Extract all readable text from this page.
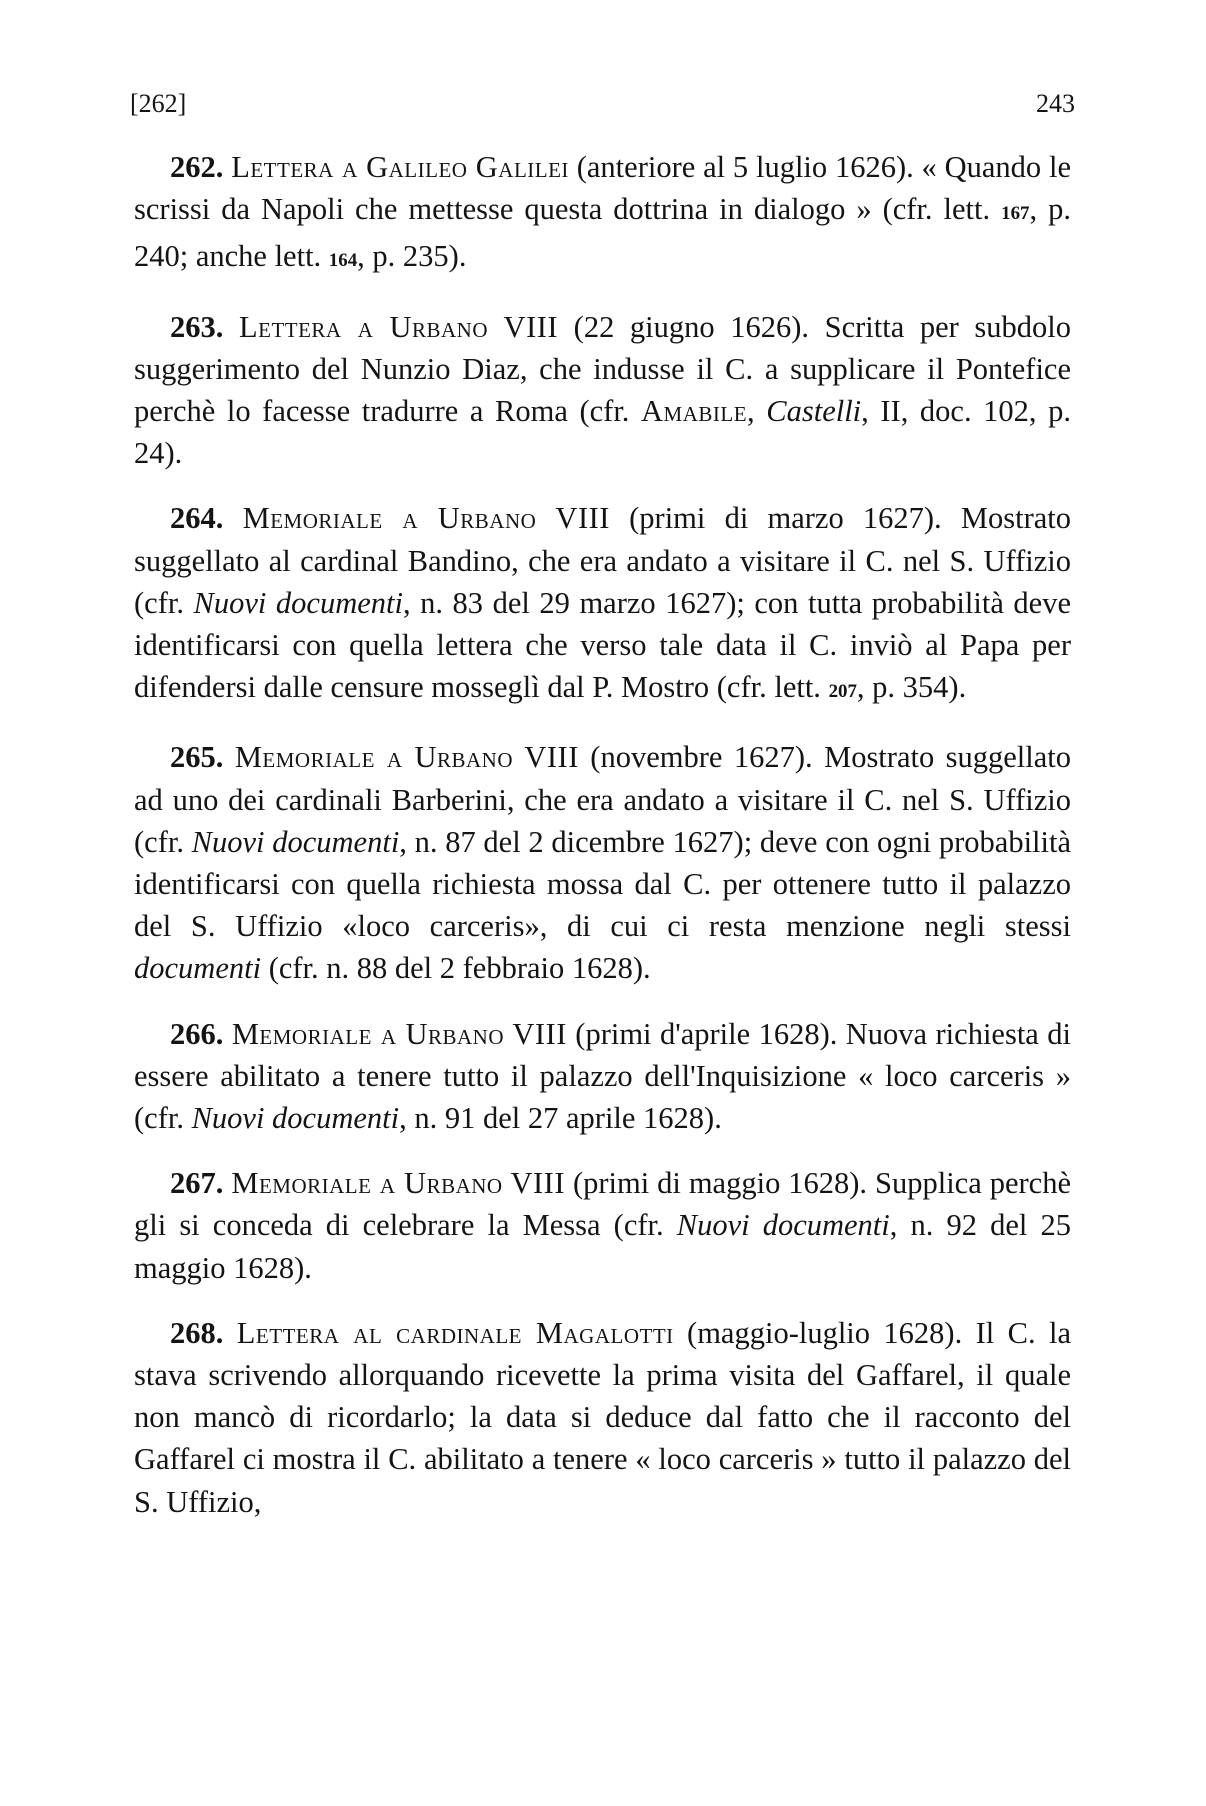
[262]	243

262. Lettera a Galileo Galilei (anteriore al 5 luglio 1626). « Quando le scrissi da Napoli che mettesse questa dottrina in dialogo » (cfr. lett. 167, p. 240; anche lett. 164, p. 235).

263. Lettera a Urbano VIII (22 giugno 1626). Scritta per subdolo suggerimento del Nunzio Diaz, che indusse il C. a supplicare il Pontefice perchè lo facesse tradurre a Roma (cfr. Amabile, Castelli, II, doc. 102, p. 24).

264. Memoriale a Urbano VIII (primi di marzo 1627). Mostrato suggellato al cardinal Bandino, che era andato a visitare il C. nel S. Uffizio (cfr. Nuovi documenti, n. 83 del 29 marzo 1627); con tutta probabilità deve identificarsi con quella lettera che verso tale data il C. inviò al Papa per difendersi dalle censure mosseglì dal P. Mostro (cfr. lett. 207, p. 354).

265. Memoriale a Urbano VIII (novembre 1627). Mostrato suggellato ad uno dei cardinali Barberini, che era andato a visitare il C. nel S. Uffizio (cfr. Nuovi documenti, n. 87 del 2 dicembre 1627); deve con ogni probabilità identificarsi con quella richiesta mossa dal C. per ottenere tutto il palazzo del S. Uffizio «loco carceris», di cui ci resta menzione negli stessi documenti (cfr. n. 88 del 2 febbraio 1628).

266. Memoriale a Urbano VIII (primi d'aprile 1628). Nuova richiesta di essere abilitato a tenere tutto il palazzo dell'Inquisizione « loco carceris » (cfr. Nuovi documenti, n. 91 del 27 aprile 1628).

267. Memoriale a Urbano VIII (primi di maggio 1628). Supplica perchè gli si conceda di celebrare la Messa (cfr. Nuovi documenti, n. 92 del 25 maggio 1628).

268. Lettera al cardinale Magalotti (maggio-luglio 1628). Il C. la stava scrivendo allorquando ricevette la prima visita del Gaffarel, il quale non mancò di ricordarlo; la data si deduce dal fatto che il racconto del Gaffarel ci mostra il C. abilitato a tenere « loco carceris » tutto il palazzo del S. Uffizio,
